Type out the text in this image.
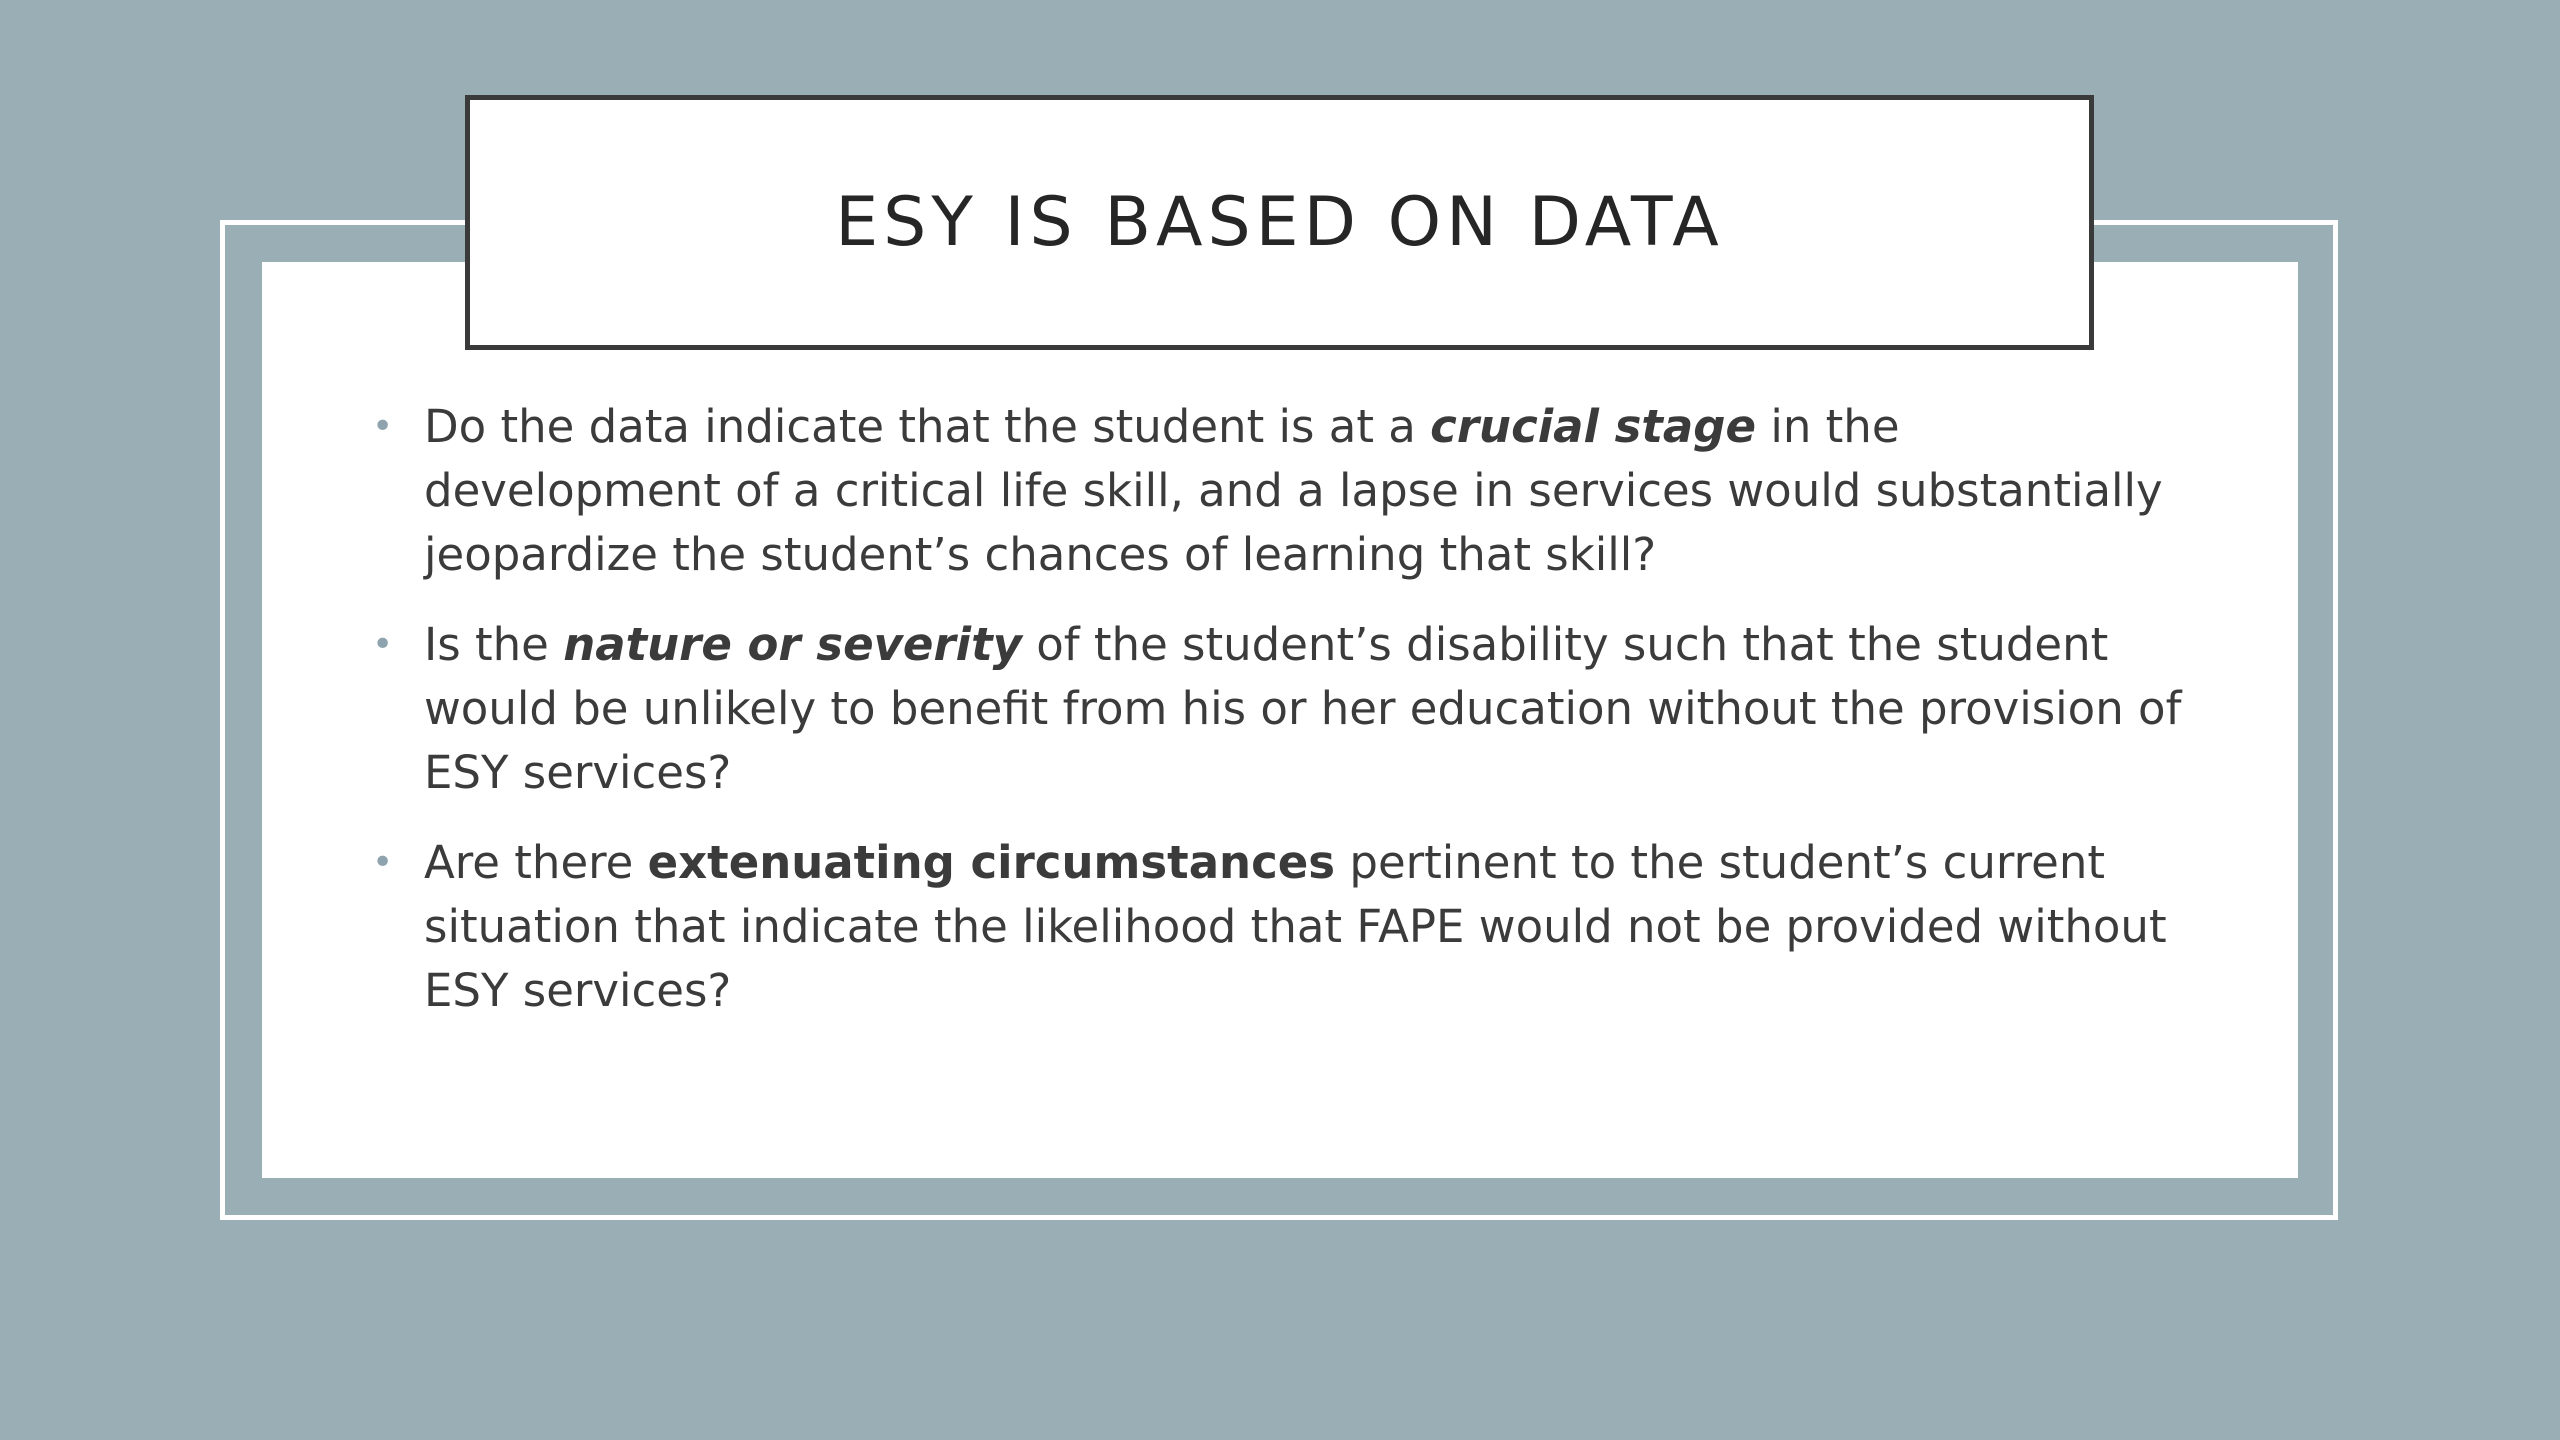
ESY IS BASED ON DATA
• Do the data indicate that the student is at a crucial stage in the development of a critical life skill, and a lapse in services would substantially jeopardize the student’s chances of learning that skill?
• Is the nature or severity of the student’s disability such that the student would be unlikely to benefit from his or her education without the provision of ESY services?
• Are there extenuating circumstances pertinent to the student’s current situation that indicate the likelihood that FAPE would not be provided without ESY services?
